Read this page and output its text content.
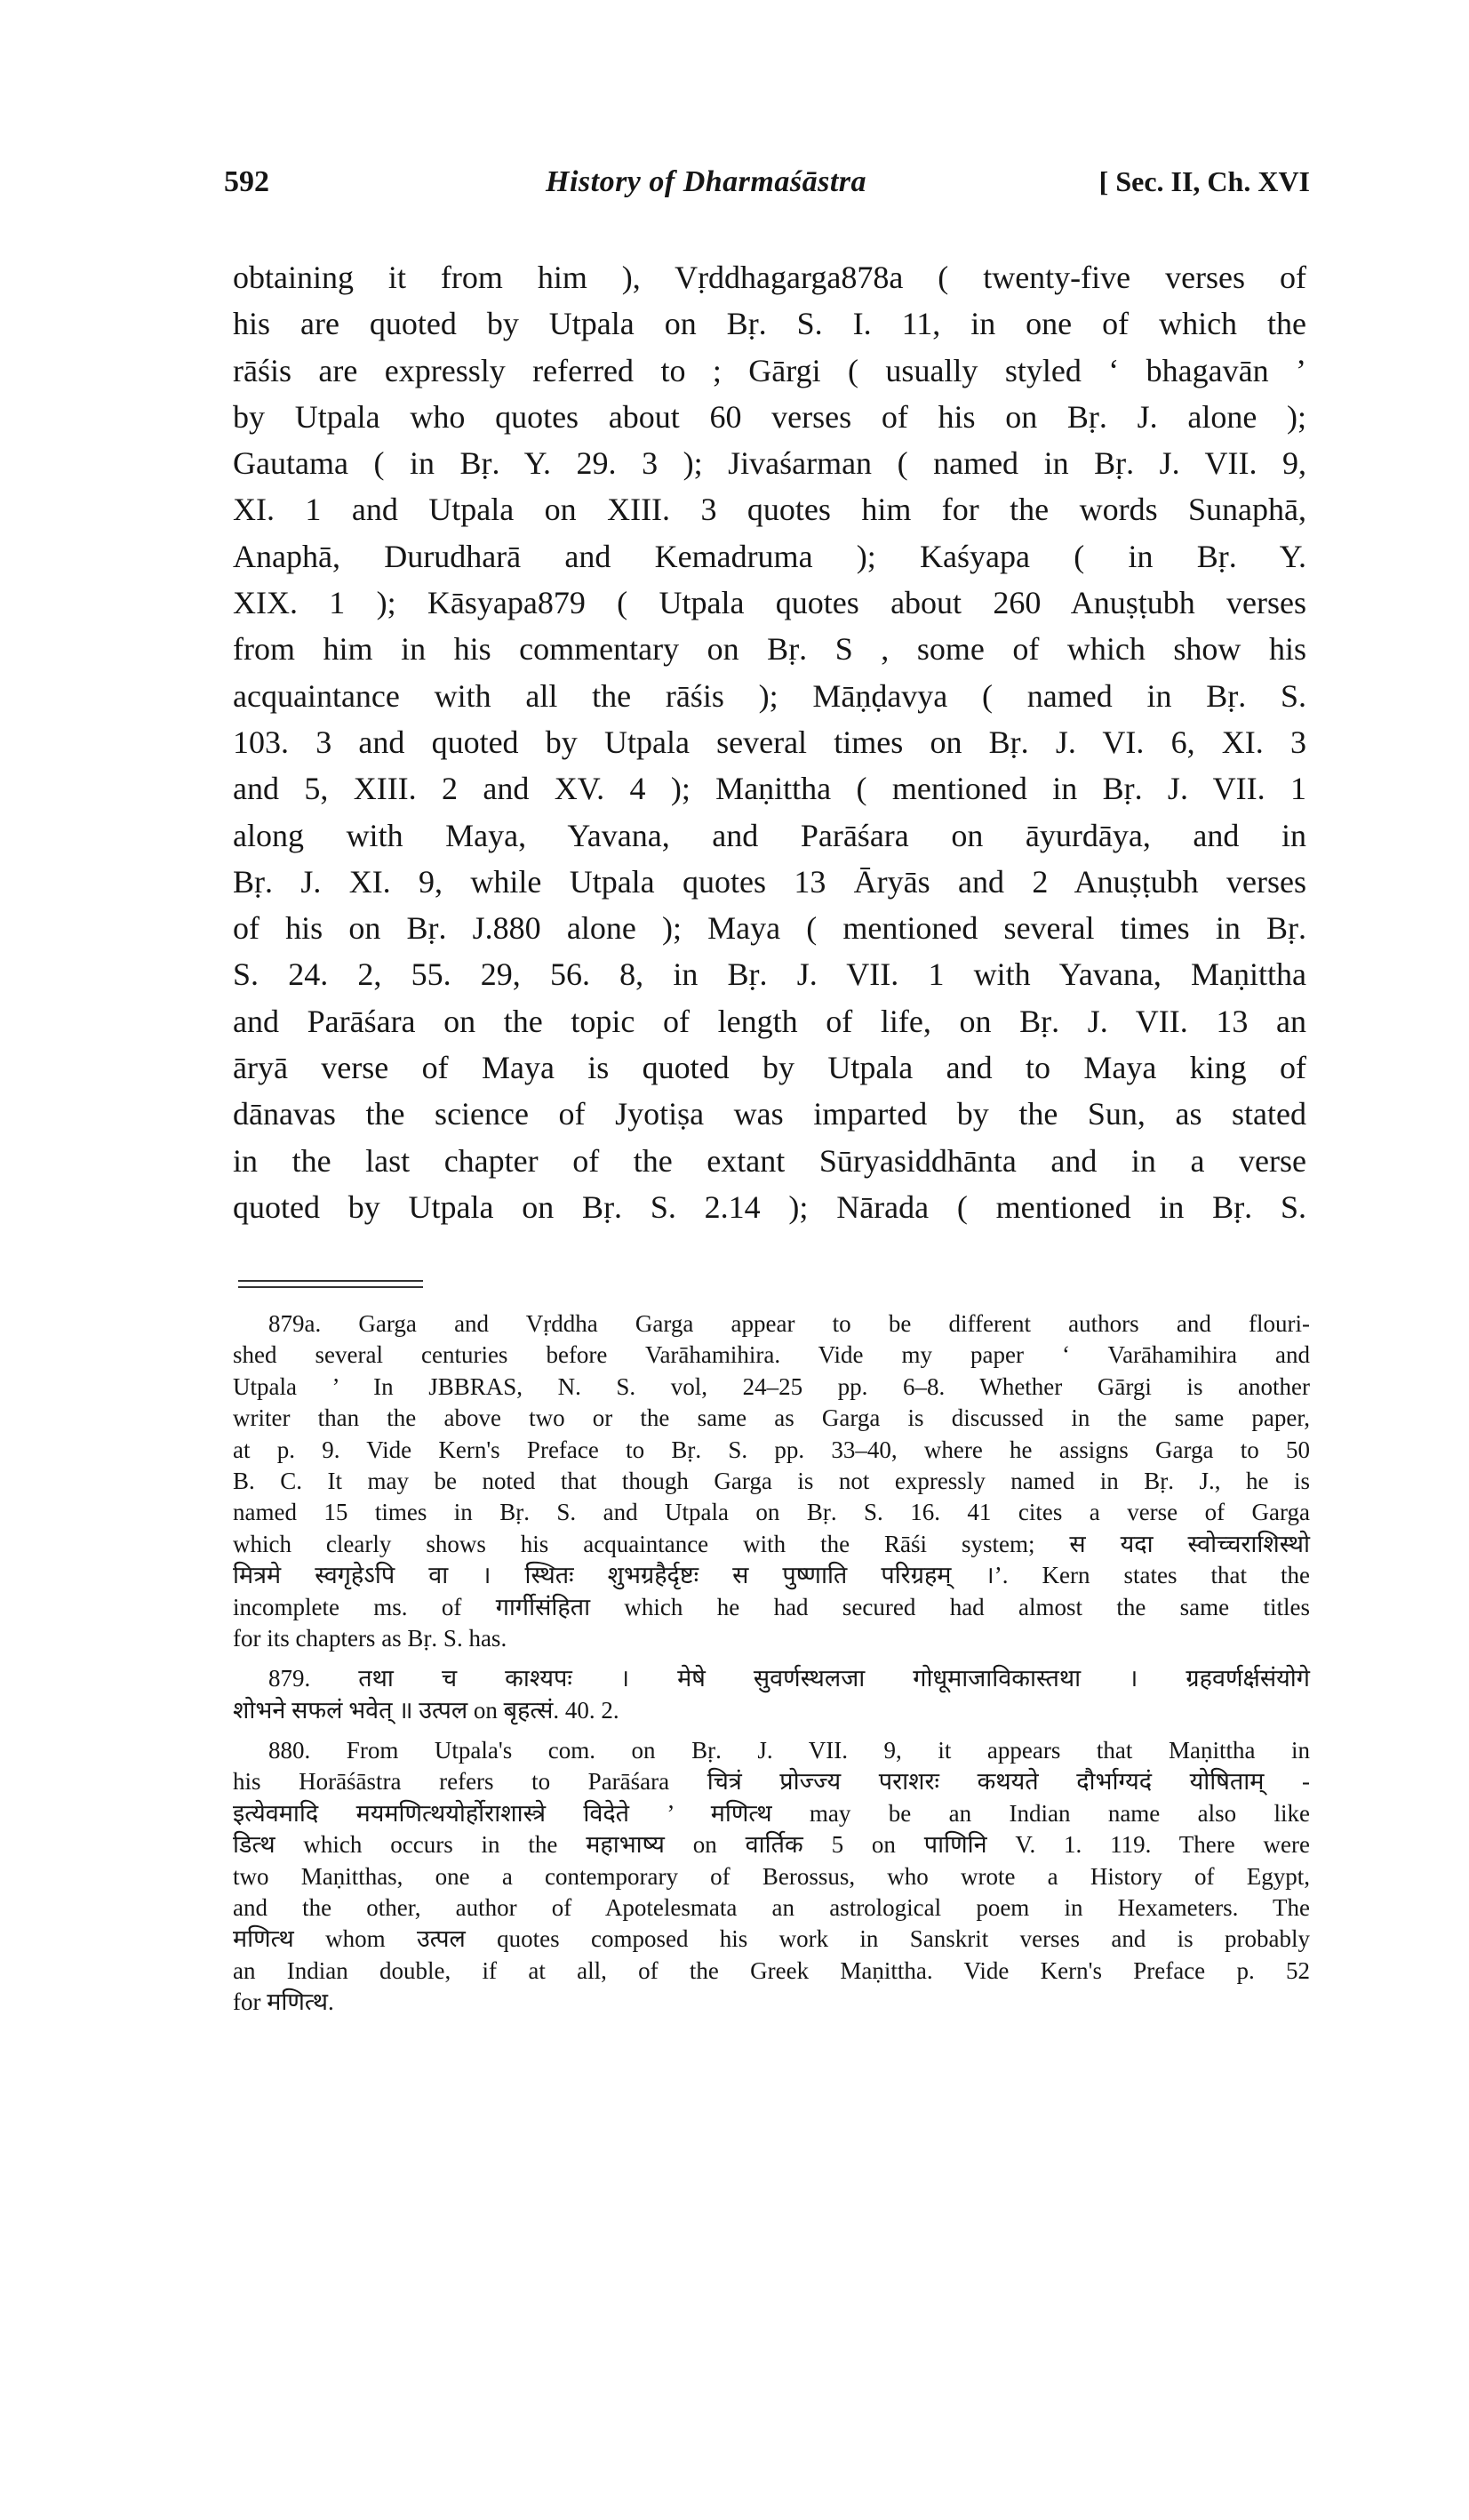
592	History of Dharmaśāstra	[ Sec. II, Ch. XVI
obtaining it from him ), Vṛddhagarga878a ( twenty-five verses of
his are quoted by Utpala on Bṛ. S. I. 11, in one of which the
rāśis are expressly referred to ; Gārgi ( usually styled ‘ bhagavān ’
by Utpala who quotes about 60 verses of his on Bṛ. J. alone );
Gautama ( in Bṛ. Y. 29. 3 ); Jivaśarman ( named in Bṛ. J. VII. 9,
XI. 1 and Utpala on XIII. 3 quotes him for the words Sunaphā,
Anaphā, Durudharā and Kemadruma ); Kaśyapa ( in Bṛ. Y.
XIX. 1 ); Kāsyapa879 ( Utpala quotes about 260 Anuṣṭubh verses
from him in his commentary on Bṛ. S , some of which show his
acquaintance with all the rāśis ); Māṇḍavya ( named in Bṛ. S.
103. 3 and quoted by Utpala several times on Bṛ. J. VI. 6, XI. 3
and 5, XIII. 2 and XV. 4 ); Maṇittha ( mentioned in Bṛ. J. VII. 1
along with Maya, Yavana, and Parāśara on āyurdāya, and in
Bṛ. J. XI. 9, while Utpala quotes 13 Āryās and 2 Anuṣṭubh verses
of his on Bṛ. J.880 alone ); Maya ( mentioned several times in Bṛ.
S. 24. 2, 55. 29, 56. 8, in Bṛ. J. VII. 1 with Yavana, Maṇittha
and Parāśara on the topic of length of life, on Bṛ. J. VII. 13 an
āryā verse of Maya is quoted by Utpala and to Maya king of
dānavas the science of Jyotiṣa was imparted by the Sun, as stated
in the last chapter of the extant Sūryasiddhānta and in a verse
quoted by Utpala on Bṛ. S. 2.14 ); Nārada ( mentioned in Bṛ. S.
879a. Garga and Vṛddha Garga appear to be different authors and flouri-
shed several centuries before Varāhamihira. Vide my paper ‘ Varāhamihira and
Utpala ’ In JBBRAS, N. S. vol, 24–25 pp. 6–8. Whether Gārgi is another
writer than the above two or the same as Garga is discussed in the same paper,
at p. 9. Vide Kern's Preface to Bṛ. S. pp. 33–40, where he assigns Garga to 50
B. C. It may be noted that though Garga is not expressly named in Bṛ. J., he is
named 15 times in Bṛ. S. and Utpala on Bṛ. S. 16. 41 cites a verse of Garga
which clearly shows his acquaintance with the Rāśi system; स यदा स्वोच्चराशिस्थो
मित्रमे स्वगृहेऽपि वा । स्थितः शुभग्रहैर्दृष्टः स पुष्णाति परिग्रहम् ।’. Kern states that the
incomplete ms. of गार्गीसंहिता which he had secured had almost the same titles
for its chapters as Bṛ. S. has.
879. तथा च काश्यपः । मेषे सुवर्णस्थलजा गोधूमाजाविकास्तथा । ग्रहवर्णर्क्षसंयोगे
शोभने सफलं भवेत् ॥ उत्पल on बृहत्सं. 40. 2.
880. From Utpala's com. on Bṛ. J. VII. 9, it appears that Maṇittha in
his Horāśāstra refers to Parāśara चित्रं प्रोज्ज्य पराशरः कथयते दौर्भाग्यदं योषिताम् -
इत्येवमादि मयमणित्थयोर्होराशास्त्रे विदेते ’ मणित्थ may be an Indian name also like
डित्थ which occurs in the महाभाष्य on वार्तिक 5 on पाणिनि V. 1. 119. There were
two Maṇitthas, one a contemporary of Berossus, who wrote a History of Egypt,
and the other, author of Apotelesmata an astrological poem in Hexameters. The
मणित्थ whom उत्पल quotes composed his work in Sanskrit verses and is probably
an Indian double, if at all, of the Greek Maṇittha. Vide Kern's Preface p. 52
for मणित्थ.
